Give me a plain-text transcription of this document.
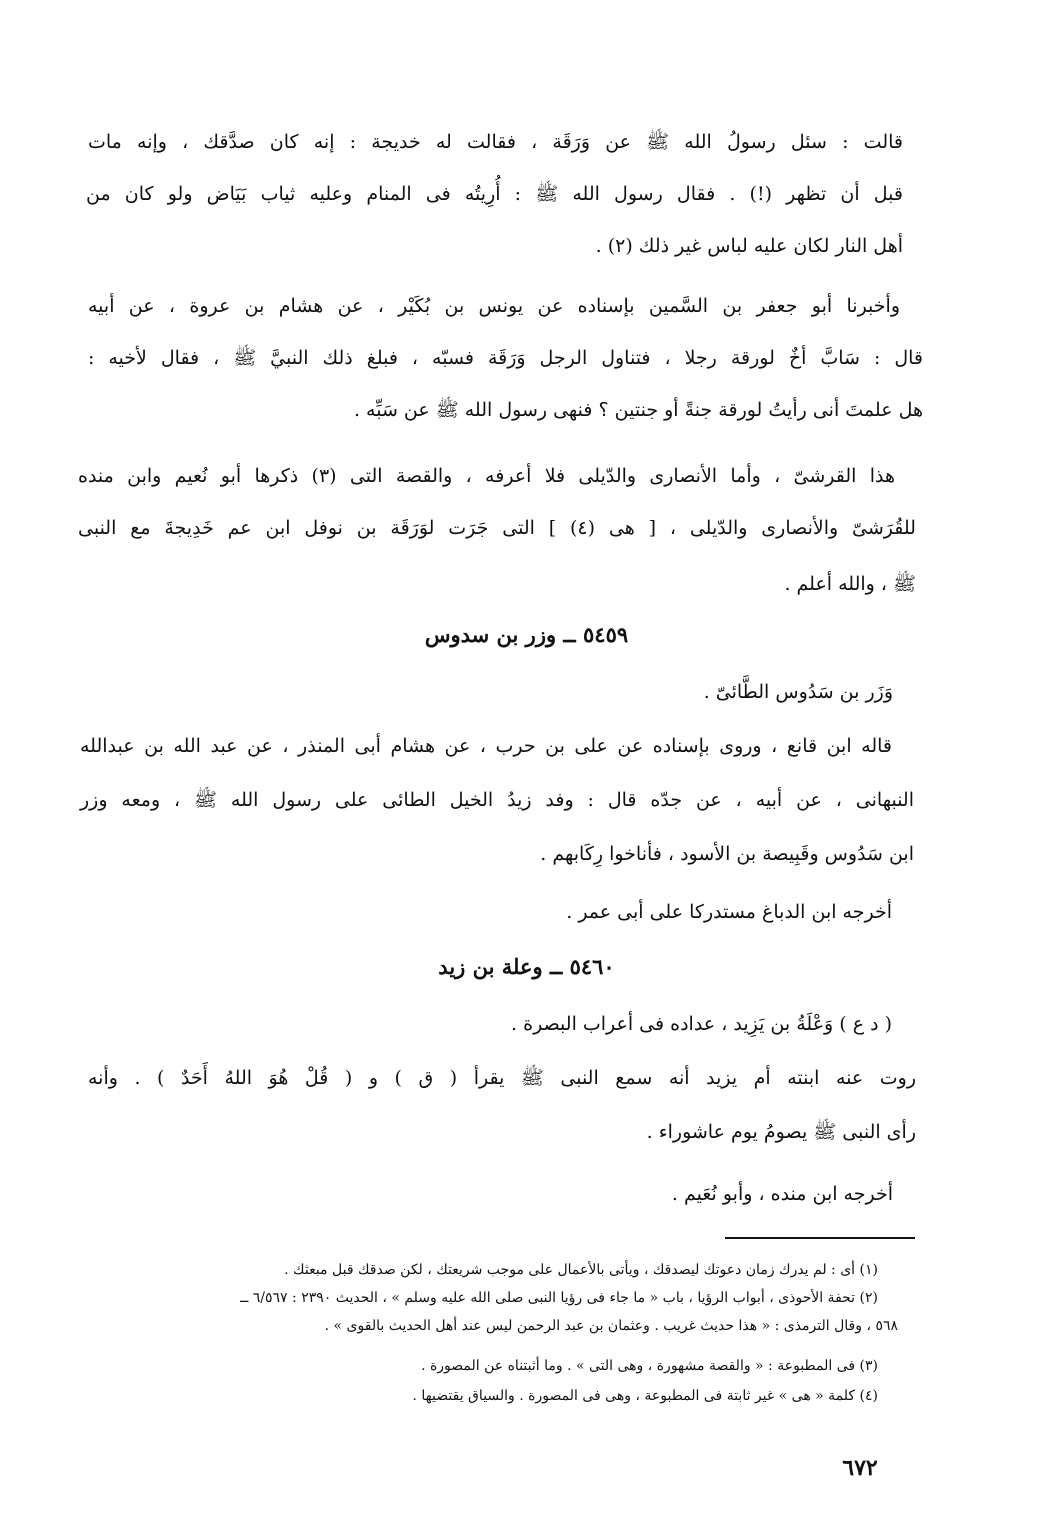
قالت : سئل رسولُ الله ﷺ عن وَرَقَة ، فقالت له خديجة : إنه كان صدَّقك ، وإنه مات
قبل أن تظهر (!) . فقال رسول الله ﷺ : أُرِيتُه فى المنام وعليه ثياب بَيَاض ولو كان من
أهل النار لكان عليه لباس غير ذلك (٢) .
وأخبرنا أبو جعفر بن السَّمين بإسناده عن يونس بن بُكَيْر ، عن هشام بن عروة ، عن أبيه
قال : سَابَّ أخٌ لورقة رجلا ، فتناول الرجل وَرَقَة فسبّه ، فبلغ ذلك النبيَّ ﷺ ، فقال لأخيه :
هل علمتَ أنى رأيتُ لورقة جنةً أو جنتين ؟ فنهى رسول الله ﷺ عن سَبِّه .
هذا القرشىّ ، وأما الأنصارى والدّيلى فلا أعرفه ، والقصة التى (٣) ذكرها أبو نُعيم وابن منده
للقُرَشىّ والأنصارى والدّيلى ، [ هى (٤) ] التى جَرَت لوَرَقَة بن نوفل ابن عم خَدِيجةَ مع النبى
ﷺ ، والله أعلم .
٥٤٥٩ ــ وزر بن سدوس
وَزَر بن سَدُوس الطَّائىّ .
قاله ابن قانع ، وروى بإسناده عن على بن حرب ، عن هشام أبى المنذر ، عن عبد الله بن عبدالله
النبهانى ، عن أبيه ، عن جدّه قال : وفد زيدُ الخيل الطائى على رسول الله ﷺ ، ومعه وزر
ابن سَدُوس وقَبِيصة بن الأسود ، فأناخوا رِكَابهم .
أخرجه ابن الدباغ مستدركا على أبى عمر .
٥٤٦٠ ــ وعلة بن زيد
( د ع ) وَعْلَةُ بن يَزِيد ، عداده فى أعراب البصرة .
روت عنه ابنته أم يزيد أنه سمع النبى ﷺ يقرأ ( ق ) و ( قُلْ هُوَ اللهُ أَحَدٌ ) . وأنه
رأى النبى ﷺ يصومُ يوم عاشوراء .
أخرجه ابن منده ، وأبو نُعَيم .
(١) أى : لم يدرك زمان دعوتك ليصدقك ، ويأتى بالأعمال على موجب شريعتك ، لكن صدقك قبل مبعثك .
(٢) تحفة الأحوذى ، أبواب الرؤيا ، باب « ما جاء فى رؤيا النبى صلى الله عليه وسلم » ، الحديث ٢٣٩٠ : ٦/٥٦٧ ــ
٥٦٨ ، وقال الترمذى : « هذا حديث غريب . وعثمان بن عبد الرحمن ليس عند أهل الحديث بالقوى » .
(٣) فى المطبوعة : « والقصة مشهورة ، وهى التى » . وما أثبتناه عن المصورة .
(٤) كلمة « هى » غير ثابتة فى المطبوعة ، وهى فى المصورة . والسياق يقتضيها .
٦٧٢
